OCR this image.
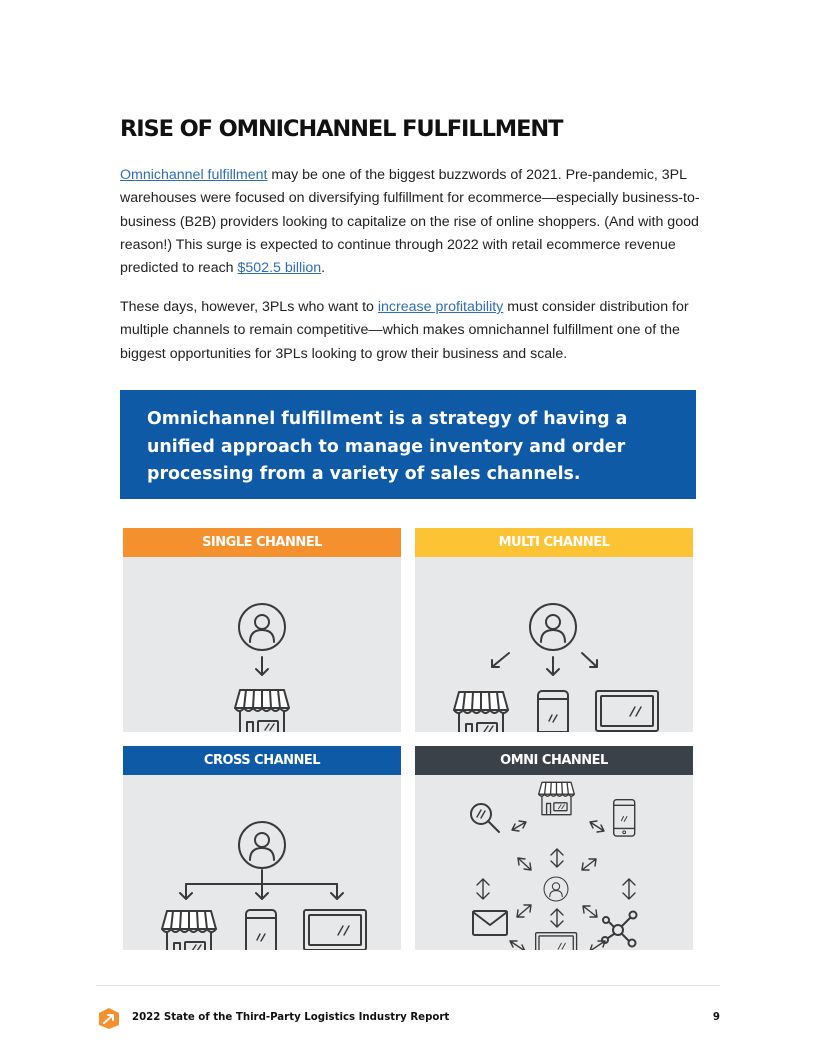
RISE OF OMNICHANNEL FULFILLMENT

Omnichannel fulfillment may be one of the biggest buzzwords of 2021. Pre-pandemic, 3PL warehouses were focused on diversifying fulfillment for ecommerce—especially business-to-business (B2B) providers looking to capitalize on the rise of online shoppers. (And with good reason!) This surge is expected to continue through 2022 with retail ecommerce revenue predicted to reach $502.5 billion.

These days, however, 3PLs who want to increase profitability must consider distribution for multiple channels to remain competitive—which makes omnichannel fulfillment one of the biggest opportunities for 3PLs looking to grow their business and scale.

Omnichannel fulfillment is a strategy of having a unified approach to manage inventory and order processing from a variety of sales channels.

SINGLE CHANNEL	MULTI CHANNEL
CROSS CHANNEL	OMNI CHANNEL

2022 State of the Third-Party Logistics Industry Report	9
